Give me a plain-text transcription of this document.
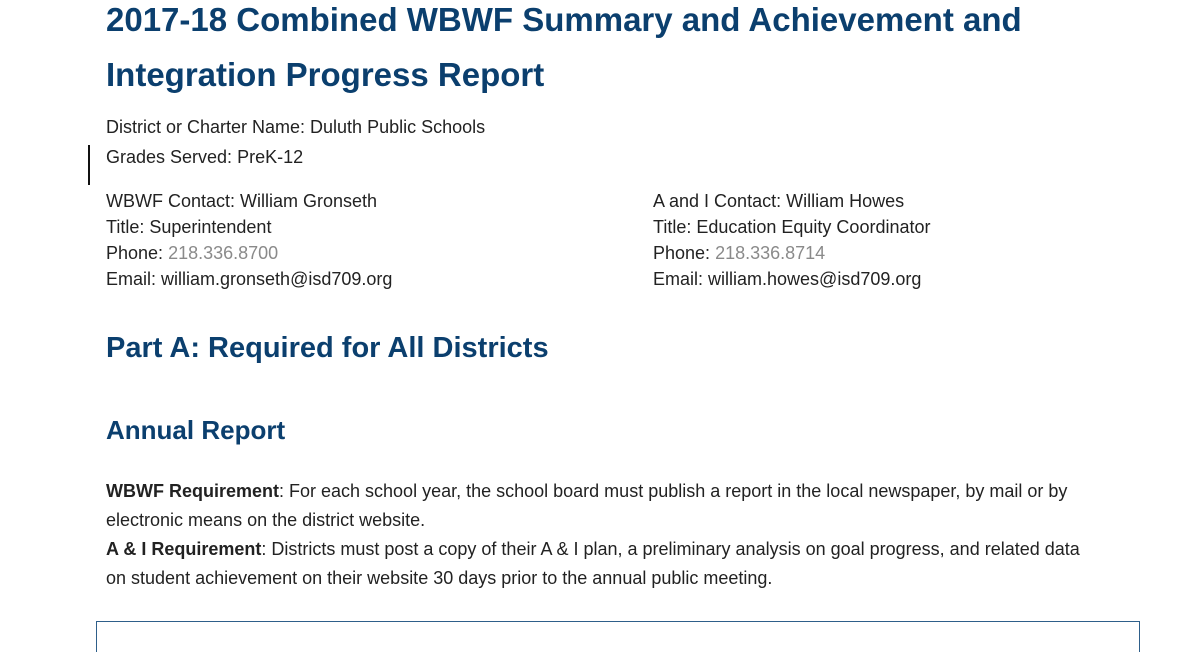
2017-18 Combined WBWF Summary and Achievement and Integration Progress Report
District or Charter Name: Duluth Public Schools
Grades Served: PreK-12
WBWF Contact: William Gronseth
Title: Superintendent
Phone: 218.336.8700
Email: william.gronseth@isd709.org
A and I Contact: William Howes
Title: Education Equity Coordinator
Phone: 218.336.8714
Email: william.howes@isd709.org
Part A: Required for All Districts
Annual Report
WBWF Requirement: For each school year, the school board must publish a report in the local newspaper, by mail or by electronic means on the district website.
A & I Requirement: Districts must post a copy of their A & I plan, a preliminary analysis on goal progress, and related data on student achievement on their website 30 days prior to the annual public meeting.
